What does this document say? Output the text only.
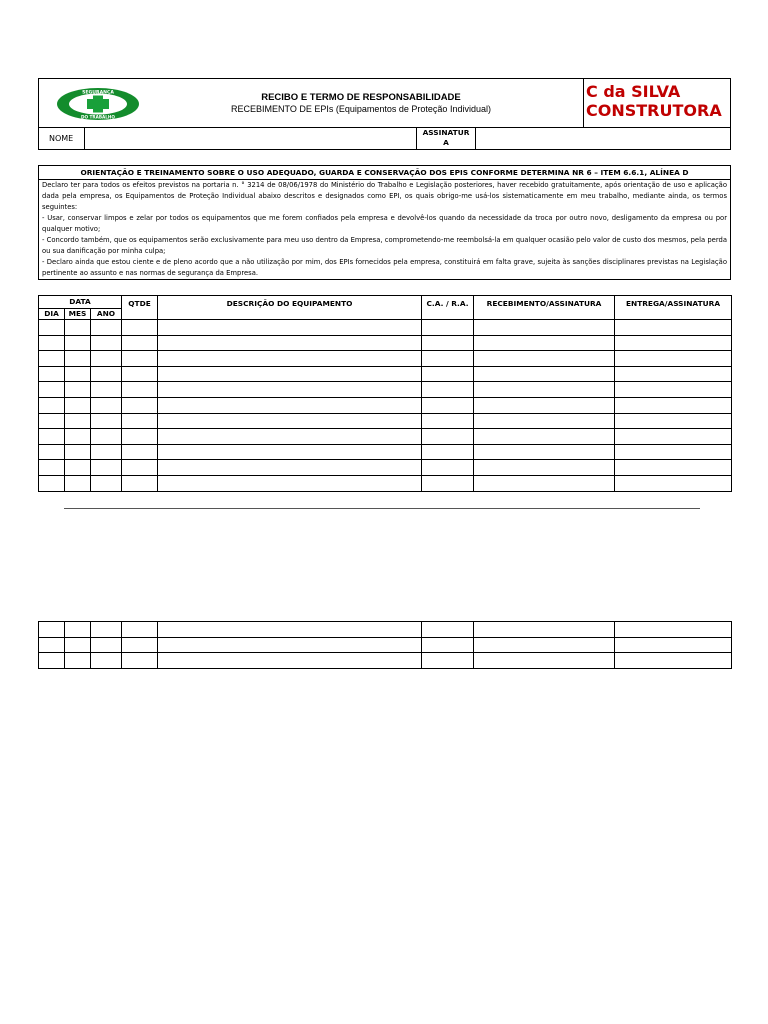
SEGURANÇA
DO TRABALHO
RECIBO E TERMO DE RESPONSABILIDADE
RECEBIMENTO DE EPIs (Equipamentos de Proteção Individual)
C da SILVA
CONSTRUTORA
NOME
ASSINATUR
A
ORIENTAÇÃO E TREINAMENTO SOBRE O USO ADEQUADO, GUARDA E CONSERVAÇÃO DOS EPIS CONFORME DETERMINA NR 6 – ITEM 6.6.1, ALÍNEA D
Declaro ter para todos os efeitos previstos na portaria n. ° 3214 de 08/06/1978 do Ministério do Trabalho e Legislação posteriores, haver recebido gratuitamente, após orientação de uso e aplicação dada pela empresa, os Equipamentos de Proteção Individual abaixo descritos e designados como EPI, os quais obrigo-me usá-los sistematicamente em meu trabalho, mediante ainda, os termos seguintes:
- Usar, conservar limpos e zelar por todos os equipamentos que me forem confiados pela empresa e devolvê-los quando da necessidade da troca por outro novo, desligamento da empresa ou por qualquer motivo;
- Concordo também, que os equipamentos serão exclusivamente para meu uso dentro da Empresa, comprometendo-me reembolsá-la em qualquer ocasião pelo valor de custo dos mesmos, pela perda ou sua danificação por minha culpa;
- Declaro ainda que estou ciente e de pleno acordo que a não utilização por mim, dos EPIs fornecidos pela empresa, constituirá em falta grave, sujeita às sanções disciplinares previstas na Legislação pertinente ao assunto e nas normas de segurança da Empresa.
DATA			QTDE	DESCRIÇÃO DO EQUIPAMENTO	C.A. / R.A.	RECEBIMENTO/ASSINATURA	ENTREGA/ASSINATURA
DIA	MES	ANO					
